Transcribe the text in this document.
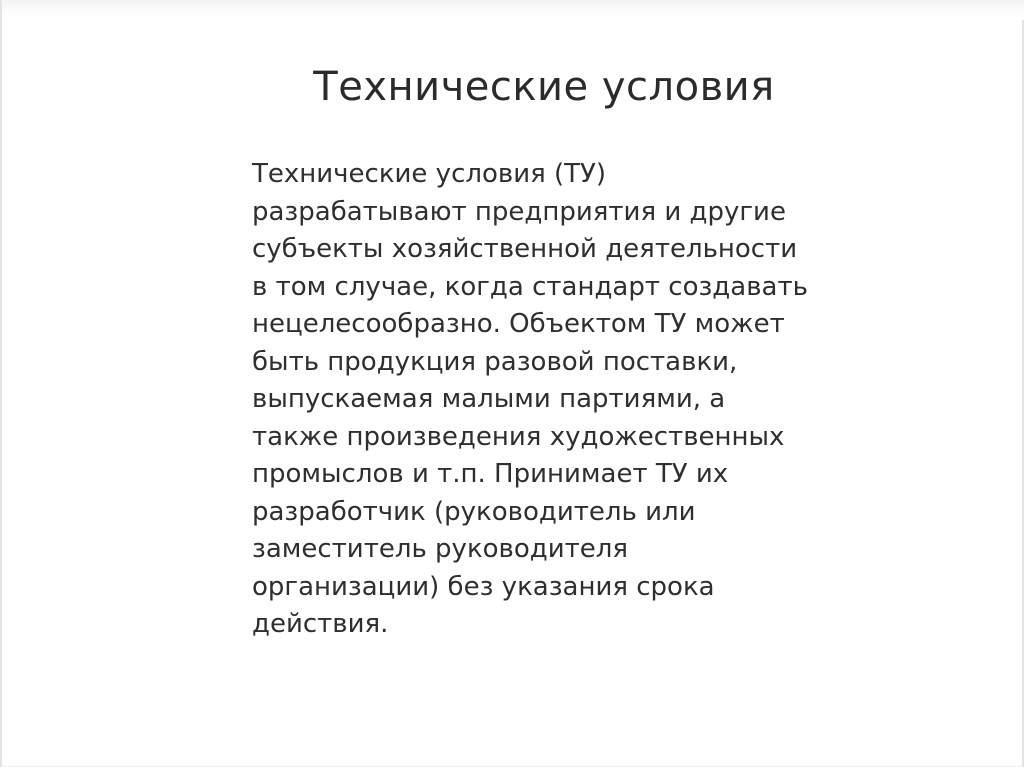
Технические условия
Технические условия (ТУ)
разрабатывают предприятия и другие
субъекты хозяйственной деятельности
в том случае, когда стандарт создавать
нецелесообразно. Объектом ТУ может
быть продукция разовой поставки,
выпускаемая малыми партиями, а
также произведения художественных
промыслов и т.п. Принимает ТУ их
разработчик (руководитель или
заместитель руководителя
организации) без указания срока
действия.
